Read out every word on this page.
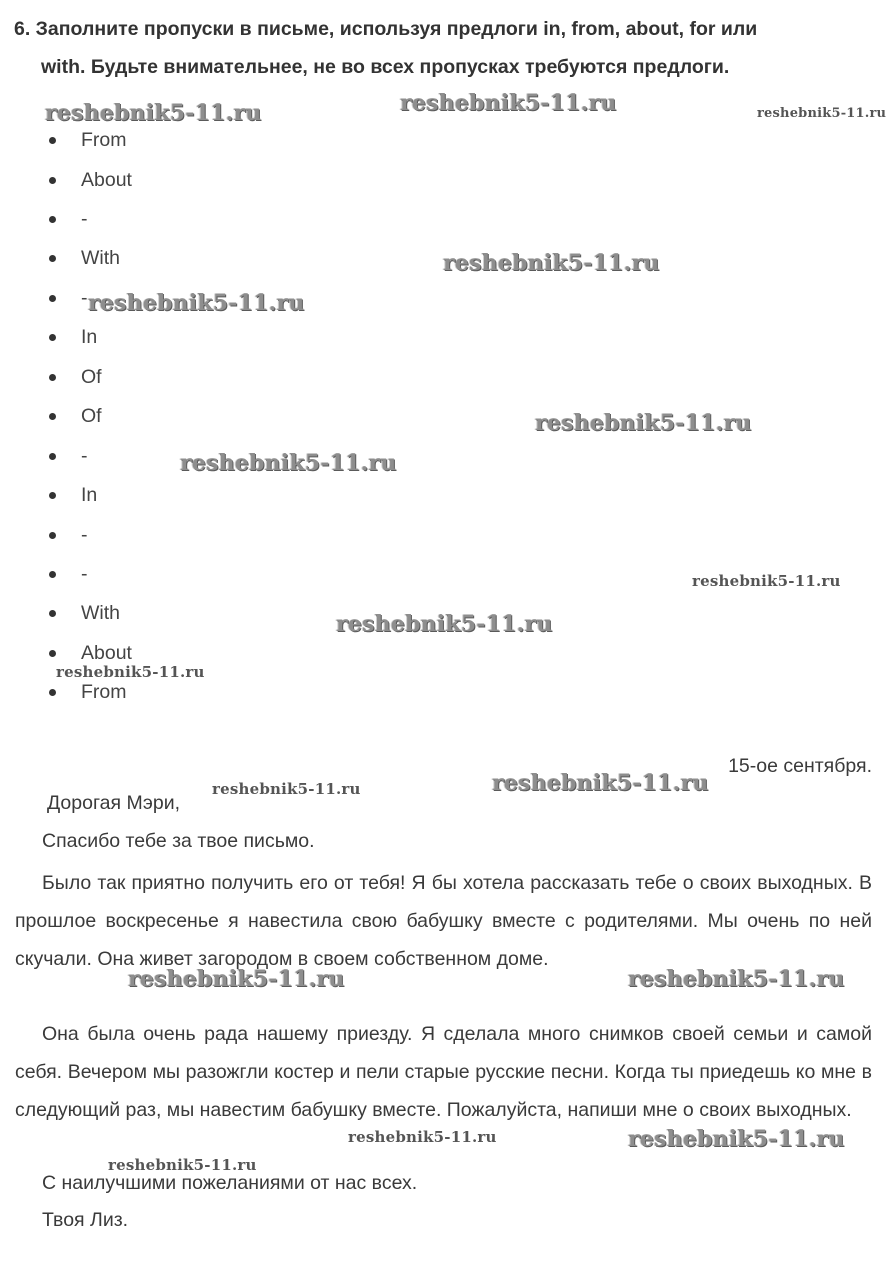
6. Заполните пропуски в письме, используя предлоги in, from, about, for или
with. Будьте внимательнее, не во всех пропусках требуются предлоги.
From
About
-
With
-
In
Of
Of
-
In
-
-
With
About
From

15-ое сентября.

Дорогая Мэри,

Спасибо тебе за твое письмо.

Было так приятно получить его от тебя! Я бы хотела рассказать тебе о своих выходных. В прошлое воскресенье я навестила свою бабушку вместе с родителями. Мы очень по ней скучали. Она живет загородом в своем собственном доме.

Она была очень рада нашему приезду. Я сделала много снимков своей семьи и самой себя. Вечером мы разожгли костер и пели старые русские песни. Когда ты приедешь ко мне в следующий раз, мы навестим бабушку вместе. Пожалуйста, напиши мне о своих выходных.

С наилучшими пожеланиями от нас всех.

Твоя Лиз.

reshebnik5-11.ru	reshebnik5-11.ru	reshebnik5-11.ru
reshebnik5-11.ru
reshebnik5-11.ru
reshebnik5-11.ru
reshebnik5-11.ru
reshebnik5-11.ru
reshebnik5-11.ru
reshebnik5-11.ru
reshebnik5-11.ru	reshebnik5-11.ru
reshebnik5-11.ru	reshebnik5-11.ru
reshebnik5-11.ru	reshebnik5-11.ru
reshebnik5-11.ru
